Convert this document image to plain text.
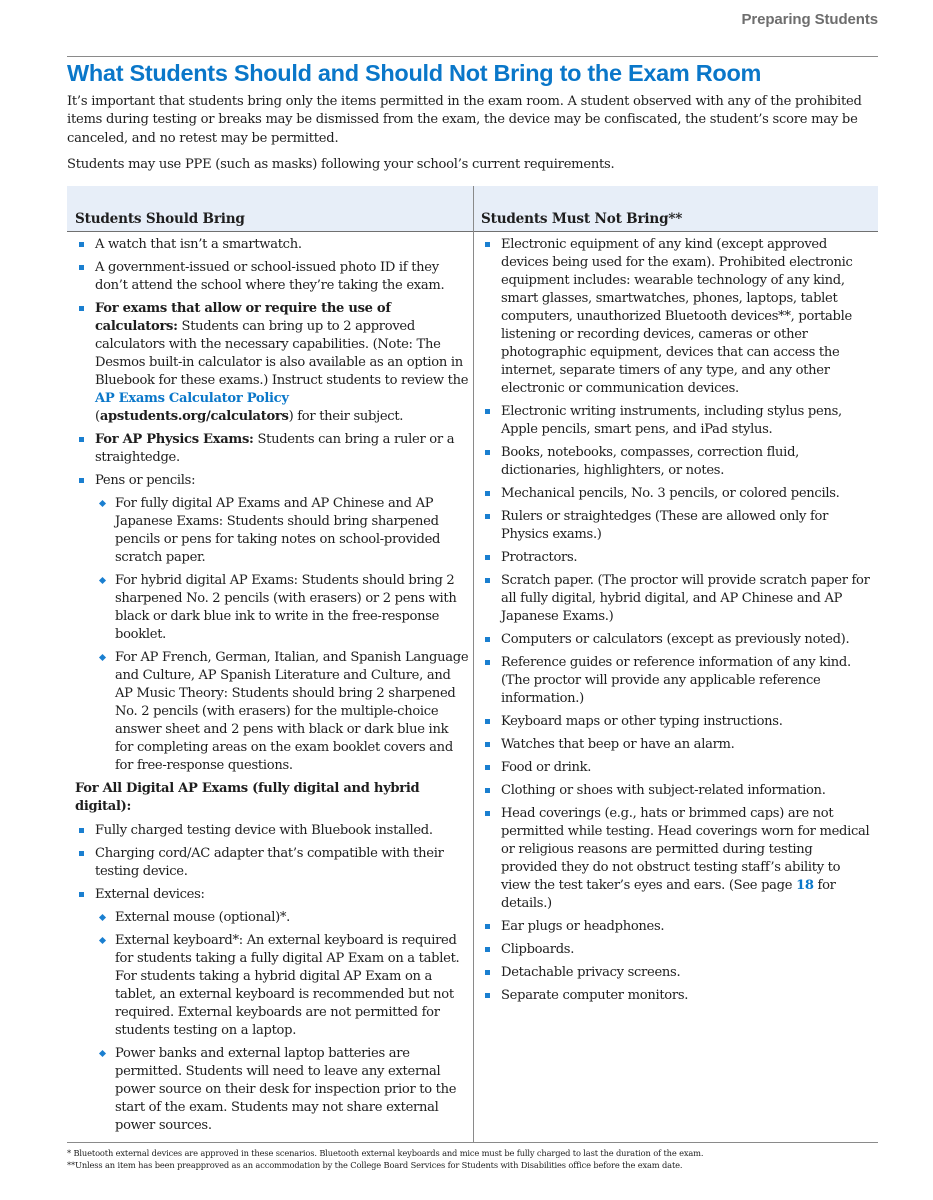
Preparing Students
What Students Should and Should Not Bring to the Exam Room

It’s important that students bring only the items permitted in the exam room. A student observed with any of the prohibited items during testing or breaks may be dismissed from the exam, the device may be confiscated, the student’s score may be canceled, and no retest may be permitted.

Students may use PPE (such as masks) following your school’s current requirements.

Students Should Bring	Students Must Not Bring**
A watch that isn’t a smartwatch.
A government-issued or school-issued photo ID if they don’t attend the school where they’re taking the exam.
For exams that allow or require the use of calculators: Students can bring up to 2 approved calculators with the necessary capabilities. (Note: The Desmos built-in calculator is also available as an option in Bluebook for these exams.) Instruct students to review the AP Exams Calculator Policy (apstudents.org/calculators) for their subject.
For AP Physics Exams: Students can bring a ruler or a straightedge.
Pens or pencils:
For fully digital AP Exams and AP Chinese and AP Japanese Exams: Students should bring sharpened pencils or pens for taking notes on school-provided scratch paper.
For hybrid digital AP Exams: Students should bring 2 sharpened No. 2 pencils (with erasers) or 2 pens with black or dark blue ink to write in the free-response booklet.
For AP French, German, Italian, and Spanish Language and Culture, AP Spanish Literature and Culture, and AP Music Theory: Students should bring 2 sharpened No. 2 pencils (with erasers) for the multiple-choice answer sheet and 2 pens with black or dark blue ink for completing areas on the exam booklet covers and for free-response questions.
For All Digital AP Exams (fully digital and hybrid digital):
Fully charged testing device with Bluebook installed.
Charging cord/AC adapter that’s compatible with their testing device.
External devices:
External mouse (optional)*.
External keyboard*: An external keyboard is required for students taking a fully digital AP Exam on a tablet. For students taking a hybrid digital AP Exam on a tablet, an external keyboard is recommended but not required. External keyboards are not permitted for students testing on a laptop.
Power banks and external laptop batteries are permitted. Students will need to leave any external power source on their desk for inspection prior to the start of the exam. Students may not share external power sources.
Electronic equipment of any kind (except approved devices being used for the exam). Prohibited electronic equipment includes: wearable technology of any kind, smart glasses, smartwatches, phones, laptops, tablet computers, unauthorized Bluetooth devices**, portable listening or recording devices, cameras or other photographic equipment, devices that can access the internet, separate timers of any type, and any other electronic or communication devices.
Electronic writing instruments, including stylus pens, Apple pencils, smart pens, and iPad stylus.
Books, notebooks, compasses, correction fluid, dictionaries, highlighters, or notes.
Mechanical pencils, No. 3 pencils, or colored pencils.
Rulers or straightedges (These are allowed only for Physics exams.)
Protractors.
Scratch paper. (The proctor will provide scratch paper for all fully digital, hybrid digital, and AP Chinese and AP Japanese Exams.)
Computers or calculators (except as previously noted).
Reference guides or reference information of any kind. (The proctor will provide any applicable reference information.)
Keyboard maps or other typing instructions.
Watches that beep or have an alarm.
Food or drink.
Clothing or shoes with subject-related information.
Head coverings (e.g., hats or brimmed caps) are not permitted while testing. Head coverings worn for medical or religious reasons are permitted during testing provided they do not obstruct testing staff’s ability to view the test taker’s eyes and ears. (See page 18 for details.)
Ear plugs or headphones.
Clipboards.
Detachable privacy screens.
Separate computer monitors.
* Bluetooth external devices are approved in these scenarios. Bluetooth external keyboards and mice must be fully charged to last the duration of the exam.
**Unless an item has been preapproved as an accommodation by the College Board Services for Students with Disabilities office before the exam date.
